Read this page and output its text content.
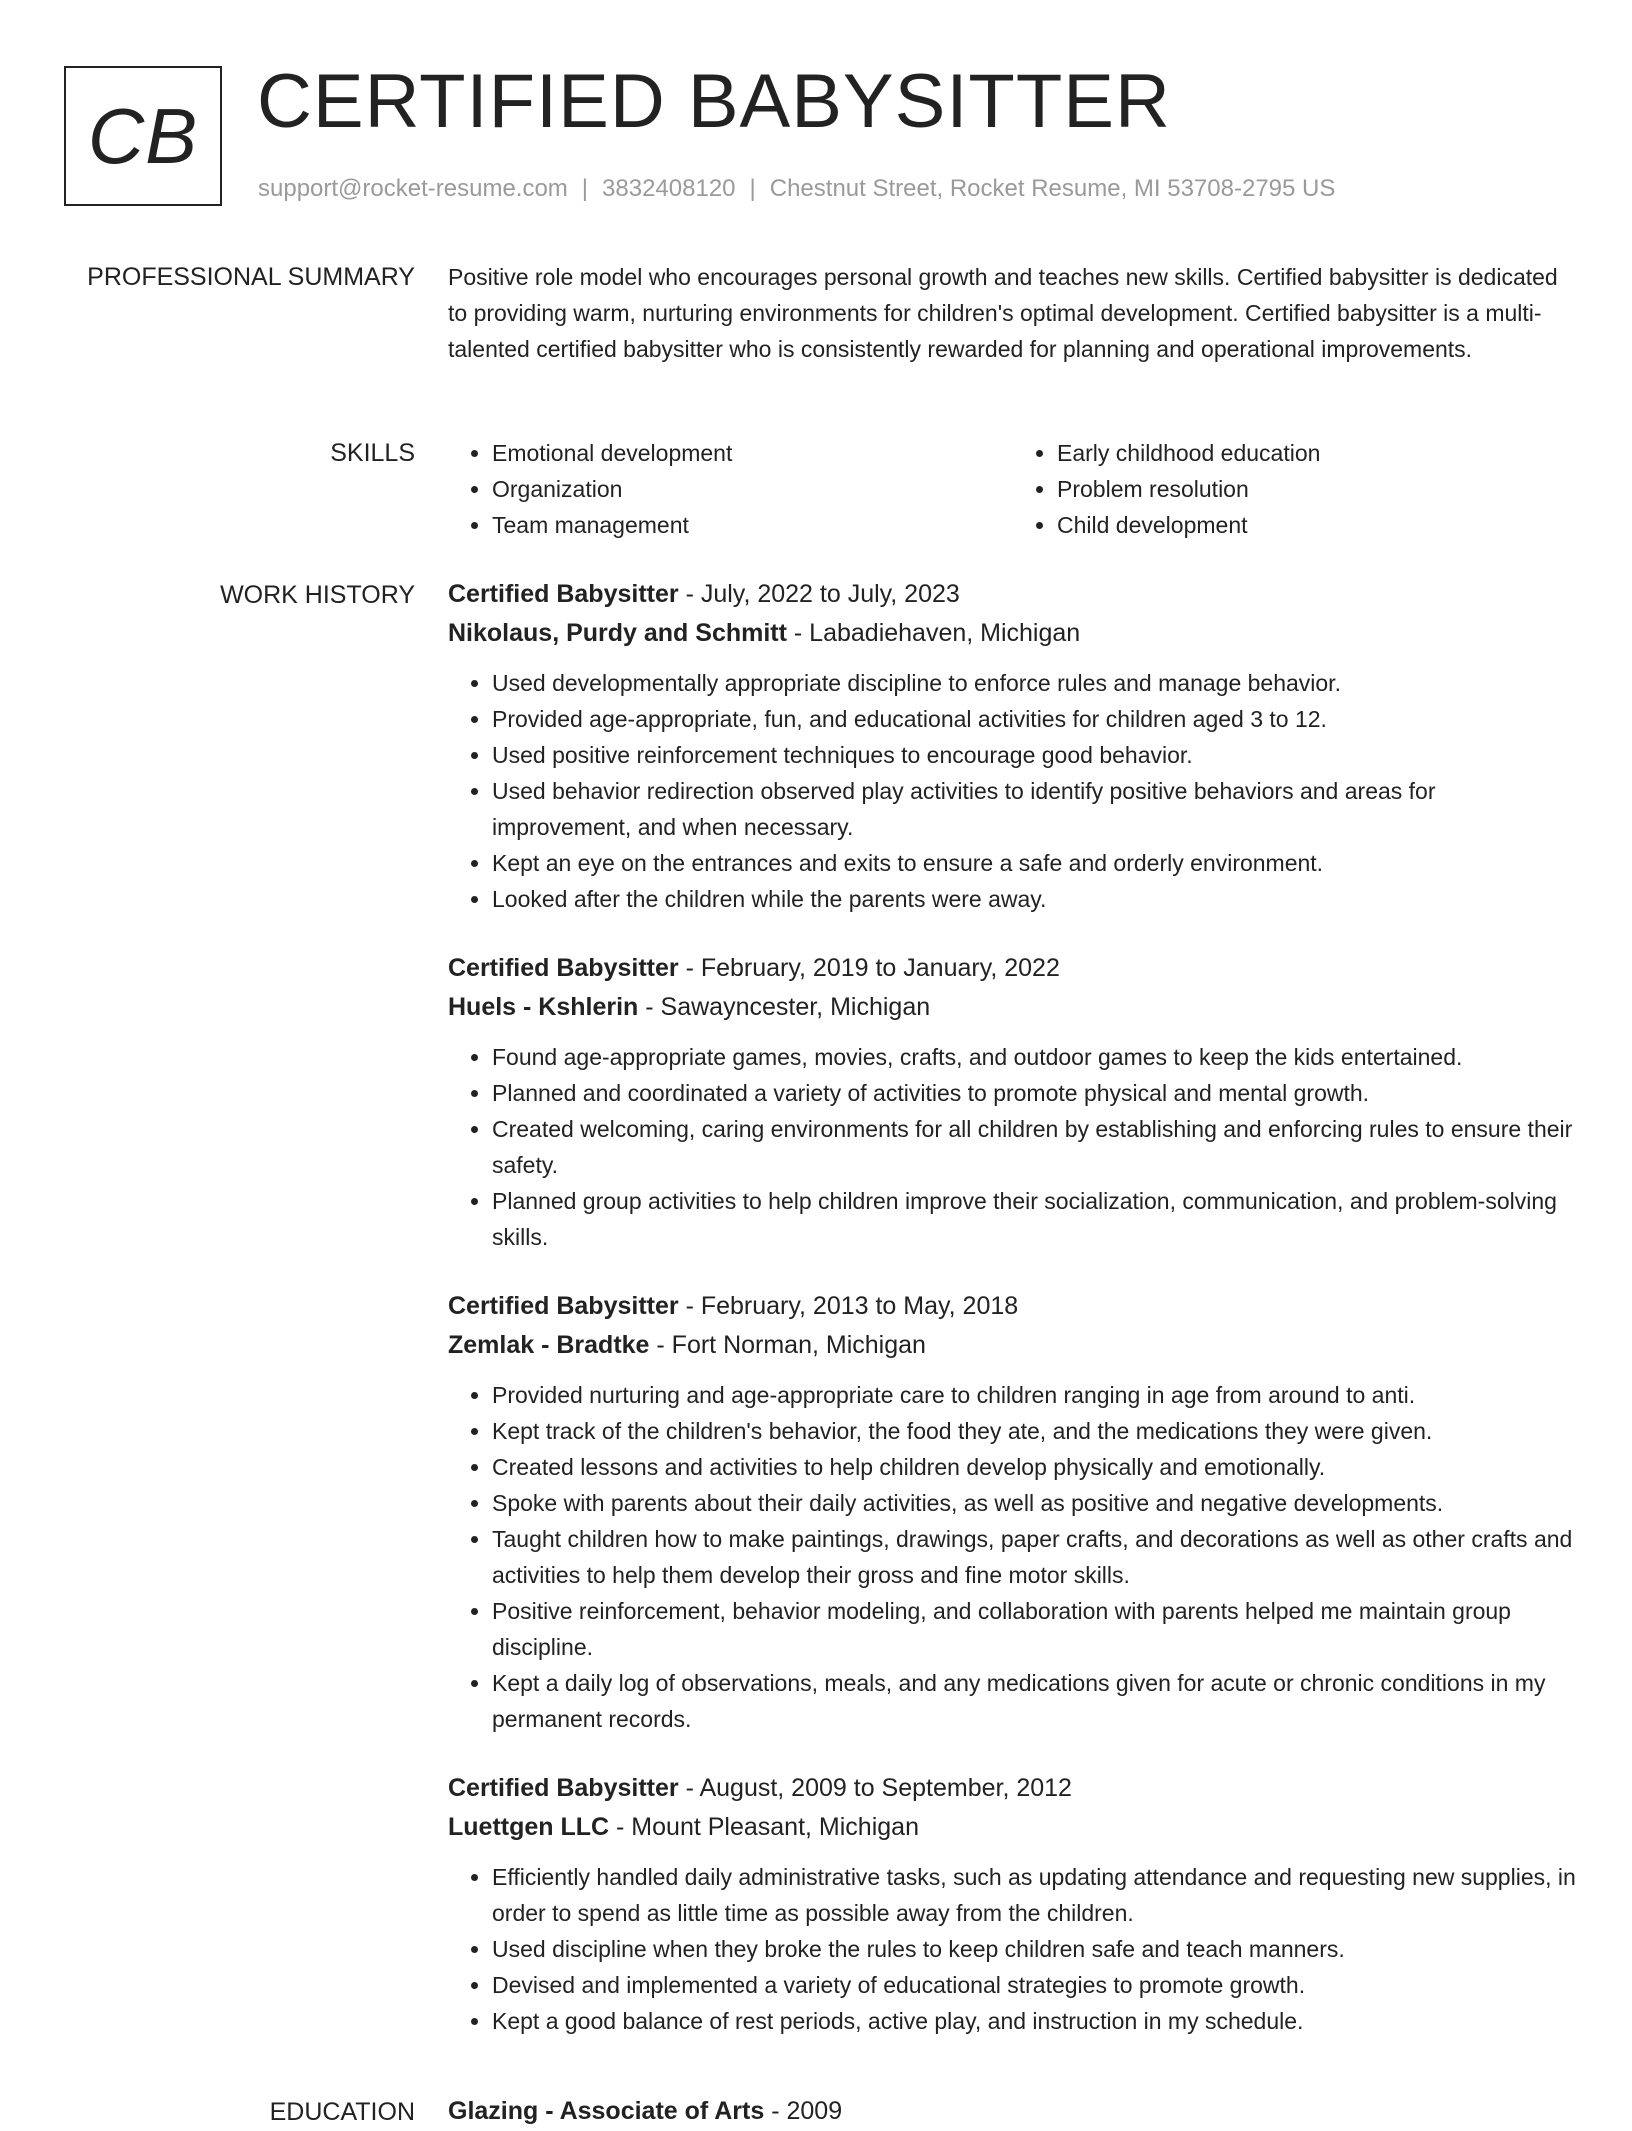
CB CERTIFIED BABYSITTER
support@rocket-resume.com | 3832408120 | Chestnut Street, Rocket Resume, MI 53708-2795 US
PROFESSIONAL SUMMARY Positive role model who encourages personal growth and teaches new skills. Certified babysitter is dedicated to providing warm, nurturing environments for children's optimal development. Certified babysitter is a multi-talented certified babysitter who is consistently rewarded for planning and operational improvements.

SKILLS
•	Emotional development
• Organization
• Team management
• Early childhood education
• Problem resolution
• Child development
WORK HISTORY Certified Babysitter - July, 2022 to July, 2023

Nikolaus, Purdy and Schmitt - Labadiehaven, Michigan

• Used developmentally appropriate discipline to enforce rules and manage behavior.
• Provided age-appropriate, fun, and educational activities for children aged 3 to 12.
• Used positive reinforcement techniques to encourage good behavior.
• Used behavior redirection observed play activities to identify positive behaviors and areas for improvement, and when necessary.
• Kept an eye on the entrances and exits to ensure a safe and orderly environment.
• Looked after the children while the parents were away.

Certified Babysitter - February, 2019 to January, 2022

Huels - Kshlerin - Sawayncester, Michigan

• Found age-appropriate games, movies, crafts, and outdoor games to keep the kids entertained.
• Planned and coordinated a variety of activities to promote physical and mental growth.
• Created welcoming, caring environments for all children by establishing and enforcing rules to ensure their safety.
• Planned group activities to help children improve their socialization, communication, and problem-solving skills.

Certified Babysitter - February, 2013 to May, 2018

Zemlak - Bradtke - Fort Norman, Michigan

• Provided nurturing and age-appropriate care to children ranging in age from around to anti.
• Kept track of the children's behavior, the food they ate, and the medications they were given.
• Created lessons and activities to help children develop physically and emotionally.
• Spoke with parents about their daily activities, as well as positive and negative developments.
• Taught children how to make paintings, drawings, paper crafts, and decorations as well as other crafts and activities to help them develop their gross and fine motor skills.
• Positive reinforcement, behavior modeling, and collaboration with parents helped me maintain group discipline.
• Kept a daily log of observations, meals, and any medications given for acute or chronic conditions in my permanent records.

Certified Babysitter - August, 2009 to September, 2012

Luettgen LLC - Mount Pleasant, Michigan

• Efficiently handled daily administrative tasks, such as updating attendance and requesting new supplies, in order to spend as little time as possible away from the children.
• Used discipline when they broke the rules to keep children safe and teach manners.
• Devised and implemented a variety of educational strategies to promote growth.
• Kept a good balance of rest periods, active play, and instruction in my schedule.
EDUCATION Glazing - Associate of Arts - 2009
